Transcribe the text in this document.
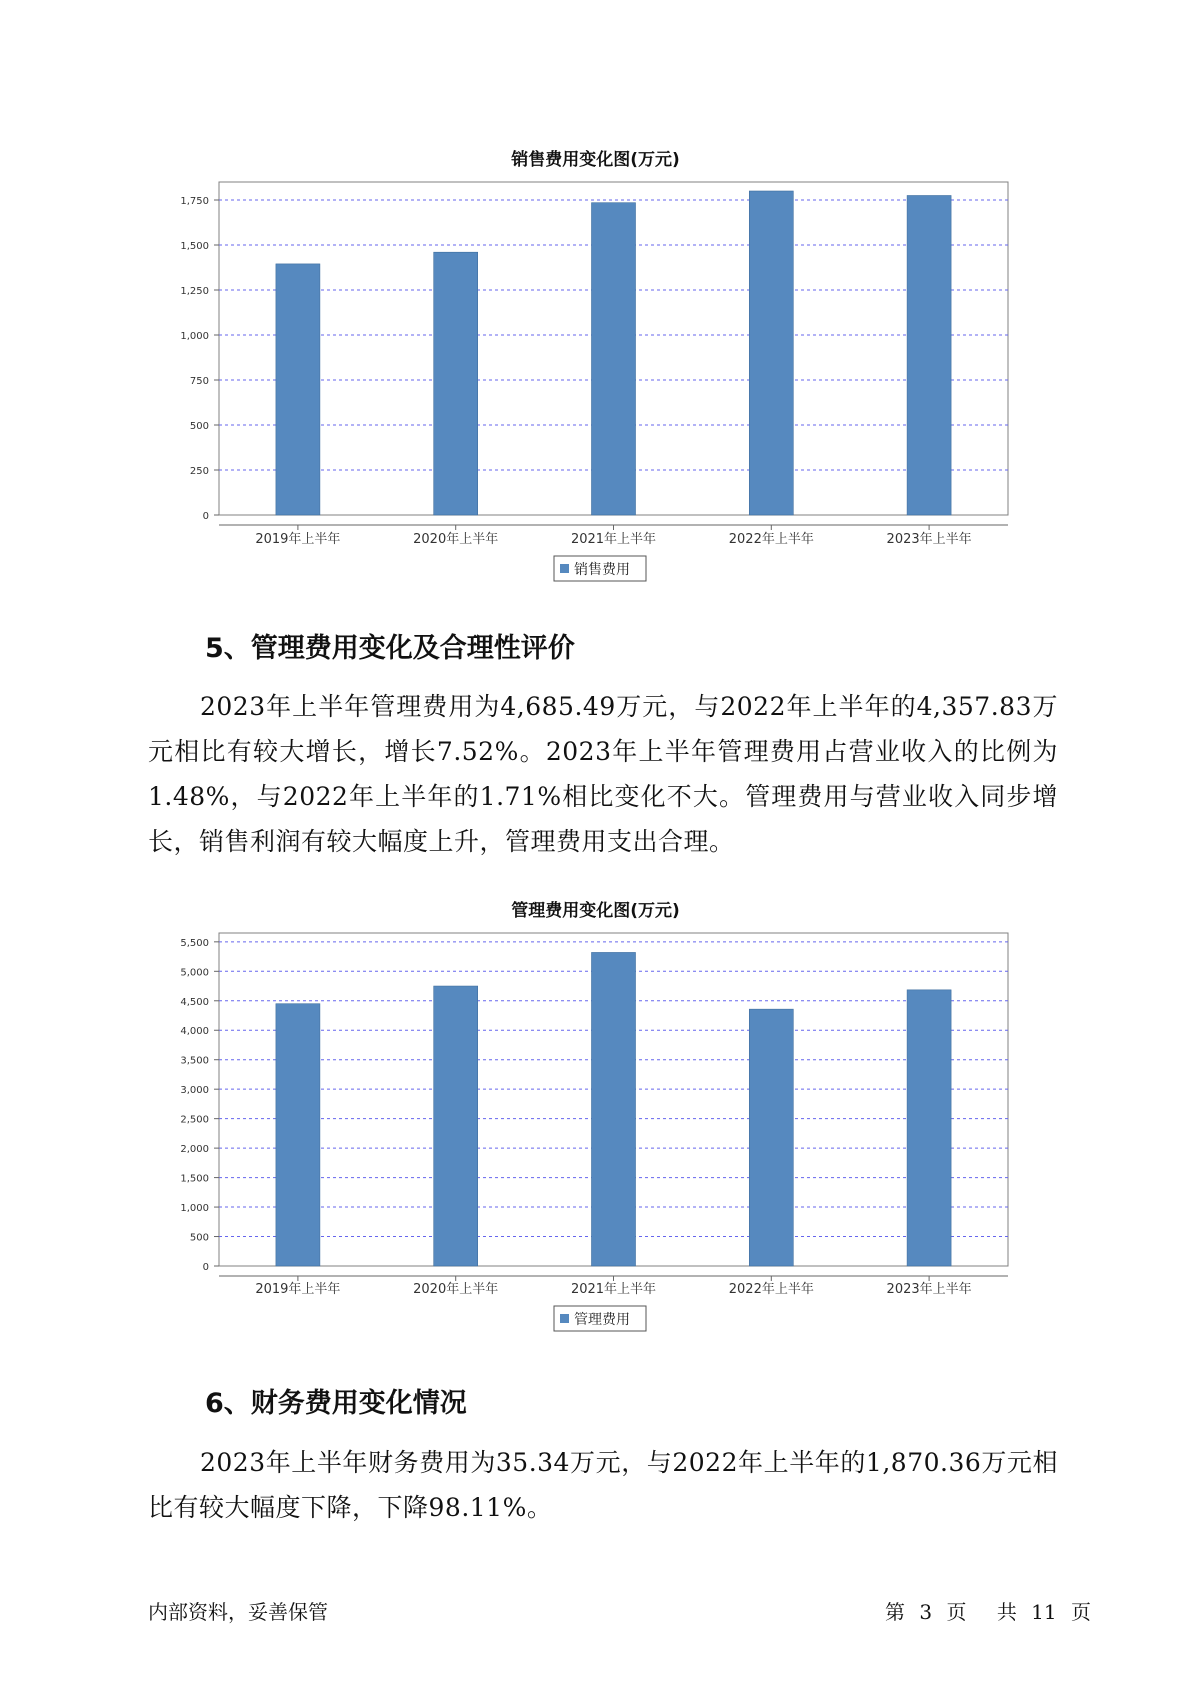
销售费用变化图(万元)
0
250
500
750
1,000
1,250
1,500
1,750
2019年上半年	2020年上半年	2021年上半年	2022年上半年	2023年上半年
销售费用
5、管理费用变化及合理性评价
2023年上半年管理费用为4,685.49万元，与2022年上半年的4,357.83万元相比有较大增长，增长7.52%。2023年上半年管理费用占营业收入的比例为1.48%，与2022年上半年的1.71%相比变化不大。管理费用与营业收入同步增长，销售利润有较大幅度上升，管理费用支出合理。
管理费用变化图(万元)
0
500
1,000
1,500
2,000
2,500
3,000
3,500
4,000
4,500
5,000
5,500
2019年上半年	2020年上半年	2021年上半年	2022年上半年	2023年上半年
管理费用
6、财务费用变化情况
2023年上半年财务费用为35.34万元，与2022年上半年的1,870.36万元相比有较大幅度下降，下降98.11%。
内部资料，妥善保管	第 3 页 共 11 页
